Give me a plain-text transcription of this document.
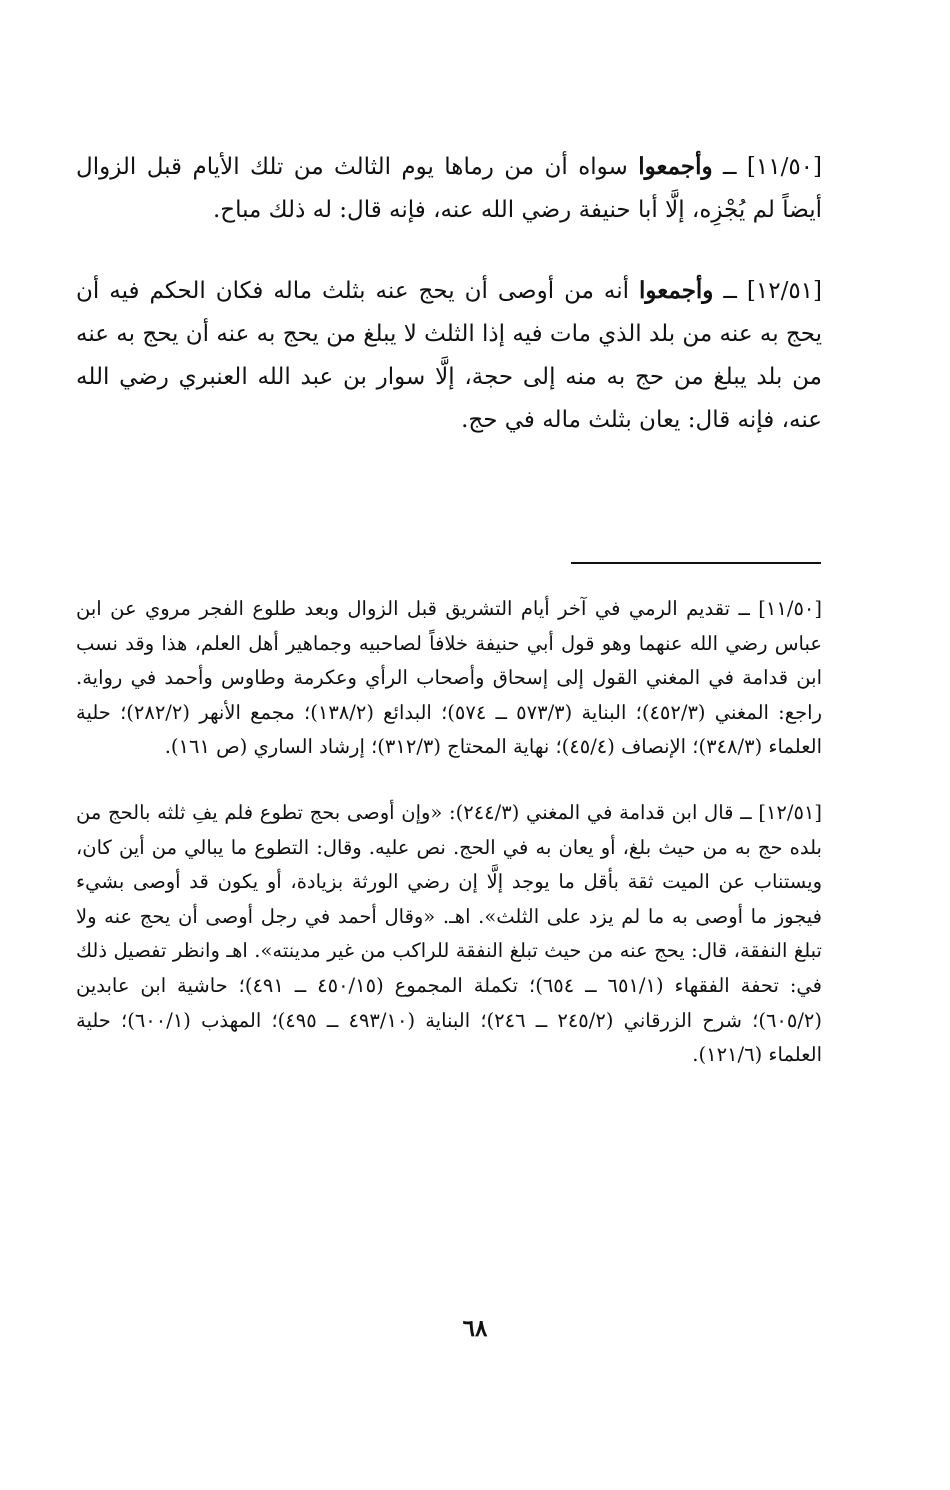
[١١/٥٠] ــ وأجمعوا سواه أن من رماها يوم الثالث من تلك الأيام قبل الزوال أيضاً لم يُجْزِه، إلَّا أبا حنيفة رضي الله عنه، فإنه قال: له ذلك مباح.

[١٢/٥١] ــ وأجمعوا أنه من أوصى أن يحج عنه بثلث ماله فكان الحكم فيه أن يحج به عنه من بلد الذي مات فيه إذا الثلث لا يبلغ من يحج به عنه أن يحج به عنه من بلد يبلغ من حج به منه إلى حجة، إلَّا سوار بن عبد الله العنبري رضي الله عنه، فإنه قال: يعان بثلث ماله في حج.

[١١/٥٠] ــ تقديم الرمي في آخر أيام التشريق قبل الزوال وبعد طلوع الفجر مروي عن ابن عباس رضي الله عنهما وهو قول أبي حنيفة خلافاً لصاحبيه وجماهير أهل العلم، هذا وقد نسب ابن قدامة في المغني القول إلى إسحاق وأصحاب الرأي وعكرمة وطاوس وأحمد في رواية. راجع: المغني (٤٥٢/٣)؛ البناية (٥٧٣/٣ ــ ٥٧٤)؛ البدائع (١٣٨/٢)؛ مجمع الأنهر (٢٨٢/٢)؛ حلية العلماء (٣٤٨/٣)؛ الإنصاف (٤٥/٤)؛ نهاية المحتاج (٣١٢/٣)؛ إرشاد الساري (ص ١٦١).

[١٢/٥١] ــ قال ابن قدامة في المغني (٢٤٤/٣): «وإن أوصى بحج تطوع فلم يفِ ثلثه بالحج من بلده حج به من حيث بلغ، أو يعان به في الحج. نص عليه. وقال: التطوع ما يبالي من أين كان، ويستناب عن الميت ثقة بأقل ما يوجد إلَّا إن رضي الورثة بزيادة، أو يكون قد أوصى بشيء فيجوز ما أوصى به ما لم يزد على الثلث». اهـ. «وقال أحمد في رجل أوصى أن يحج عنه ولا تبلغ النفقة، قال: يحج عنه من حيث تبلغ النفقة للراكب من غير مدينته». اهـ وانظر تفصيل ذلك في: تحفة الفقهاء (٦٥١/١ ــ ٦٥٤)؛ تكملة المجموع (٤٥٠/١٥ ــ ٤٩١)؛ حاشية ابن عابدين (٦٠٥/٢)؛ شرح الزرقاني (٢٤٥/٢ ــ ٢٤٦)؛ البناية (٤٩٣/١٠ ــ ٤٩٥)؛ المهذب (٦٠٠/١)؛ حلية العلماء (١٢١/٦).

٦٨
